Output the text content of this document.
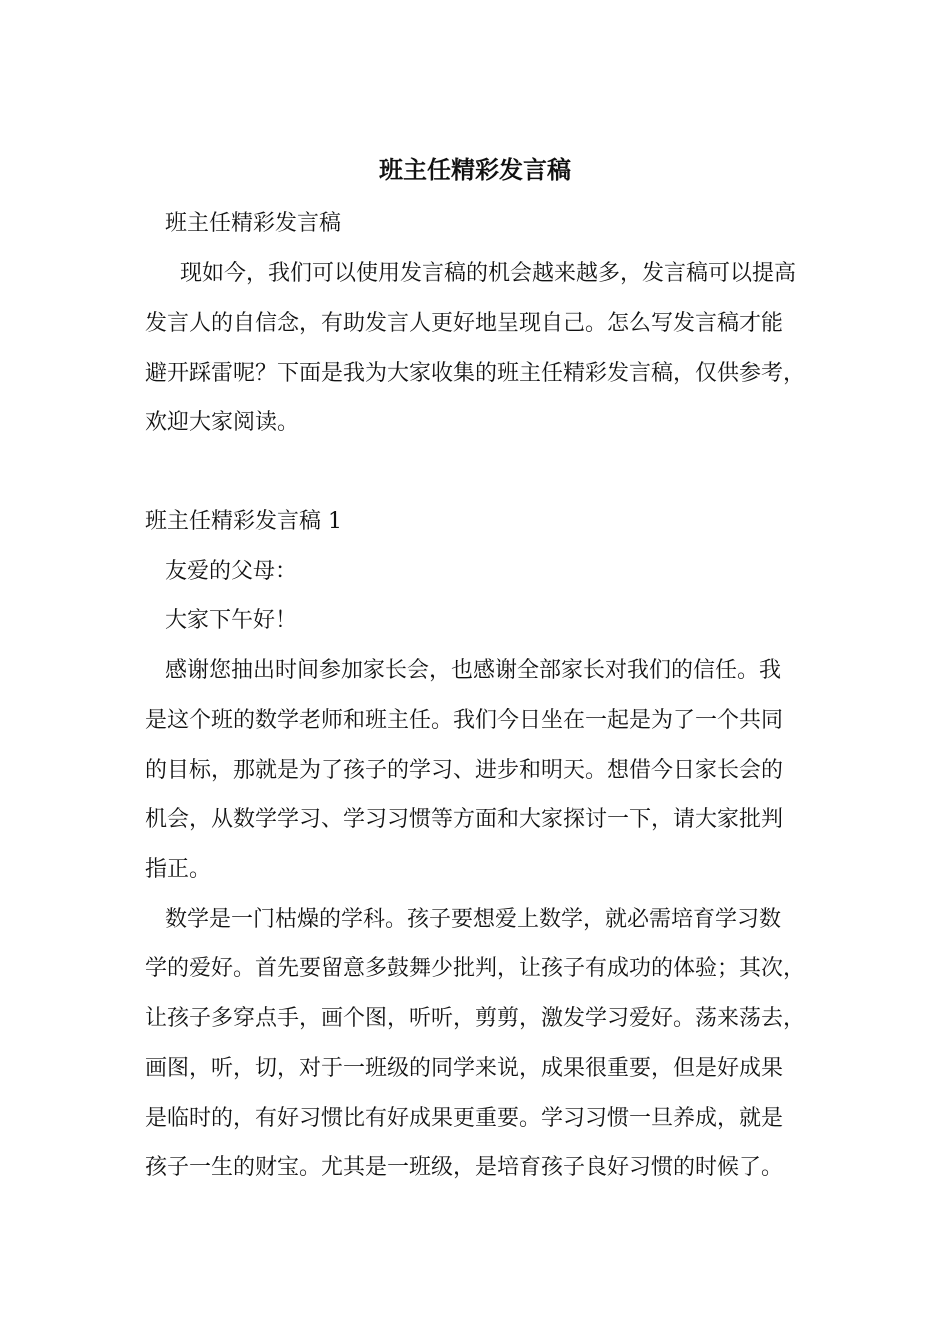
班主任精彩发言稿
班主任精彩发言稿
现如今，我们可以使用发言稿的机会越来越多，发言稿可以提高
发言人的自信念，有助发言人更好地呈现自己。怎么写发言稿才能
避开踩雷呢？下面是我为大家收集的班主任精彩发言稿，仅供参考，
欢迎大家阅读。
班主任精彩发言稿 1
友爱的父母：
大家下午好！
感谢您抽出时间参加家长会，也感谢全部家长对我们的信任。我
是这个班的数学老师和班主任。我们今日坐在一起是为了一个共同
的目标，那就是为了孩子的学习、进步和明天。想借今日家长会的
机会，从数学学习、学习习惯等方面和大家探讨一下，请大家批判
指正。
数学是一门枯燥的学科。孩子要想爱上数学，就必需培育学习数
学的爱好。首先要留意多鼓舞少批判，让孩子有成功的体验；其次，
让孩子多穿点手，画个图，听听，剪剪，激发学习爱好。荡来荡去，
画图，听，切，对于一班级的同学来说，成果很重要，但是好成果
是临时的，有好习惯比有好成果更重要。学习习惯一旦养成，就是
孩子一生的财宝。尤其是一班级，是培育孩子良好习惯的时候了。
